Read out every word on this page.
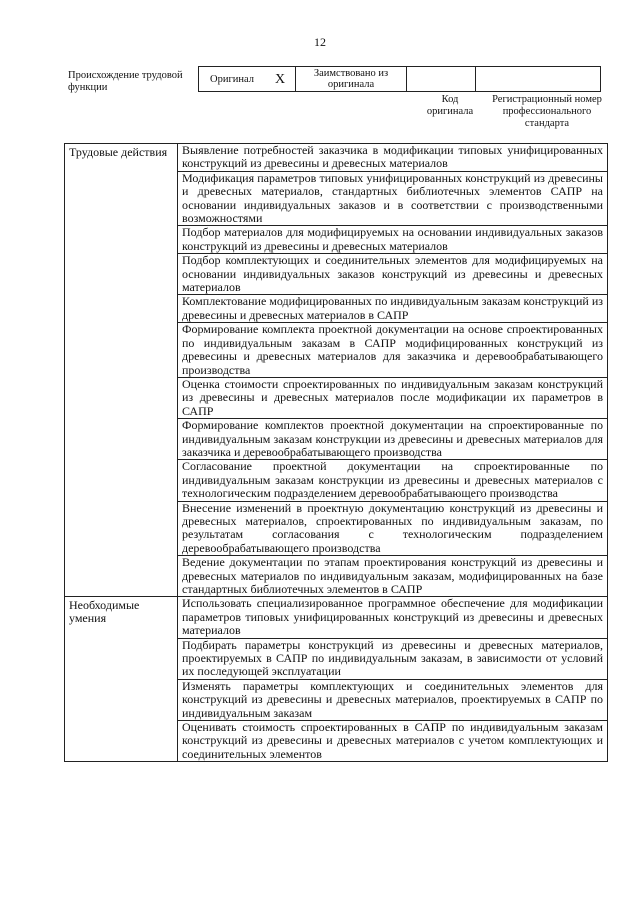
12
Происхождение трудовой функции
Оригинал	X	Заимствовано из оригинала		
Код оригинала
Регистрационный номер профессионального стандарта
Трудовые действия	Выявление потребностей заказчика в модификации типовых унифицированных конструкций из древесины и древесных материалов
	Модификация параметров типовых унифицированных конструкций из древесины и древесных материалов, стандартных библиотечных элементов САПР на основании индивидуальных заказов и в соответствии с производственными возможностями
	Подбор материалов для модифицируемых на основании индивидуальных заказов конструкций из древесины и древесных материалов
	Подбор комплектующих и соединительных элементов для модифицируемых на основании индивидуальных заказов конструкций из древесины и древесных материалов
	Комплектование модифицированных по индивидуальным заказам конструкций из древесины и древесных материалов в САПР
	Формирование комплекта проектной документации на основе спроектированных по индивидуальным заказам в САПР модифицированных конструкций из древесины и древесных материалов для заказчика и деревообрабатывающего производства
	Оценка стоимости спроектированных по индивидуальным заказам конструкций из древесины и древесных материалов после модификации их параметров в САПР
	Формирование комплектов проектной документации на спроектированные по индивидуальным заказам конструкции из древесины и древесных материалов для заказчика и деревообрабатывающего производства
	Согласование проектной документации на спроектированные по индивидуальным заказам конструкции из древесины и древесных материалов с технологическим подразделением деревообрабатывающего производства
	Внесение изменений в проектную документацию конструкций из древесины и древесных материалов, спроектированных по индивидуальным заказам, по результатам согласования с технологическим подразделением деревообрабатывающего производства
	Ведение документации по этапам проектирования конструкций из древесины и древесных материалов по индивидуальным заказам, модифицированных на базе стандартных библиотечных элементов в САПР
Необходимые умения	Использовать специализированное программное обеспечение для модификации параметров типовых унифицированных конструкций из древесины и древесных материалов
	Подбирать параметры конструкций из древесины и древесных материалов, проектируемых в САПР по индивидуальным заказам, в зависимости от условий их последующей эксплуатации
	Изменять параметры комплектующих и соединительных элементов для конструкций из древесины и древесных материалов, проектируемых в САПР по индивидуальным заказам
	Оценивать стоимость спроектированных в САПР по индивидуальным заказам конструкций из древесины и древесных материалов с учетом комплектующих и соединительных элементов
